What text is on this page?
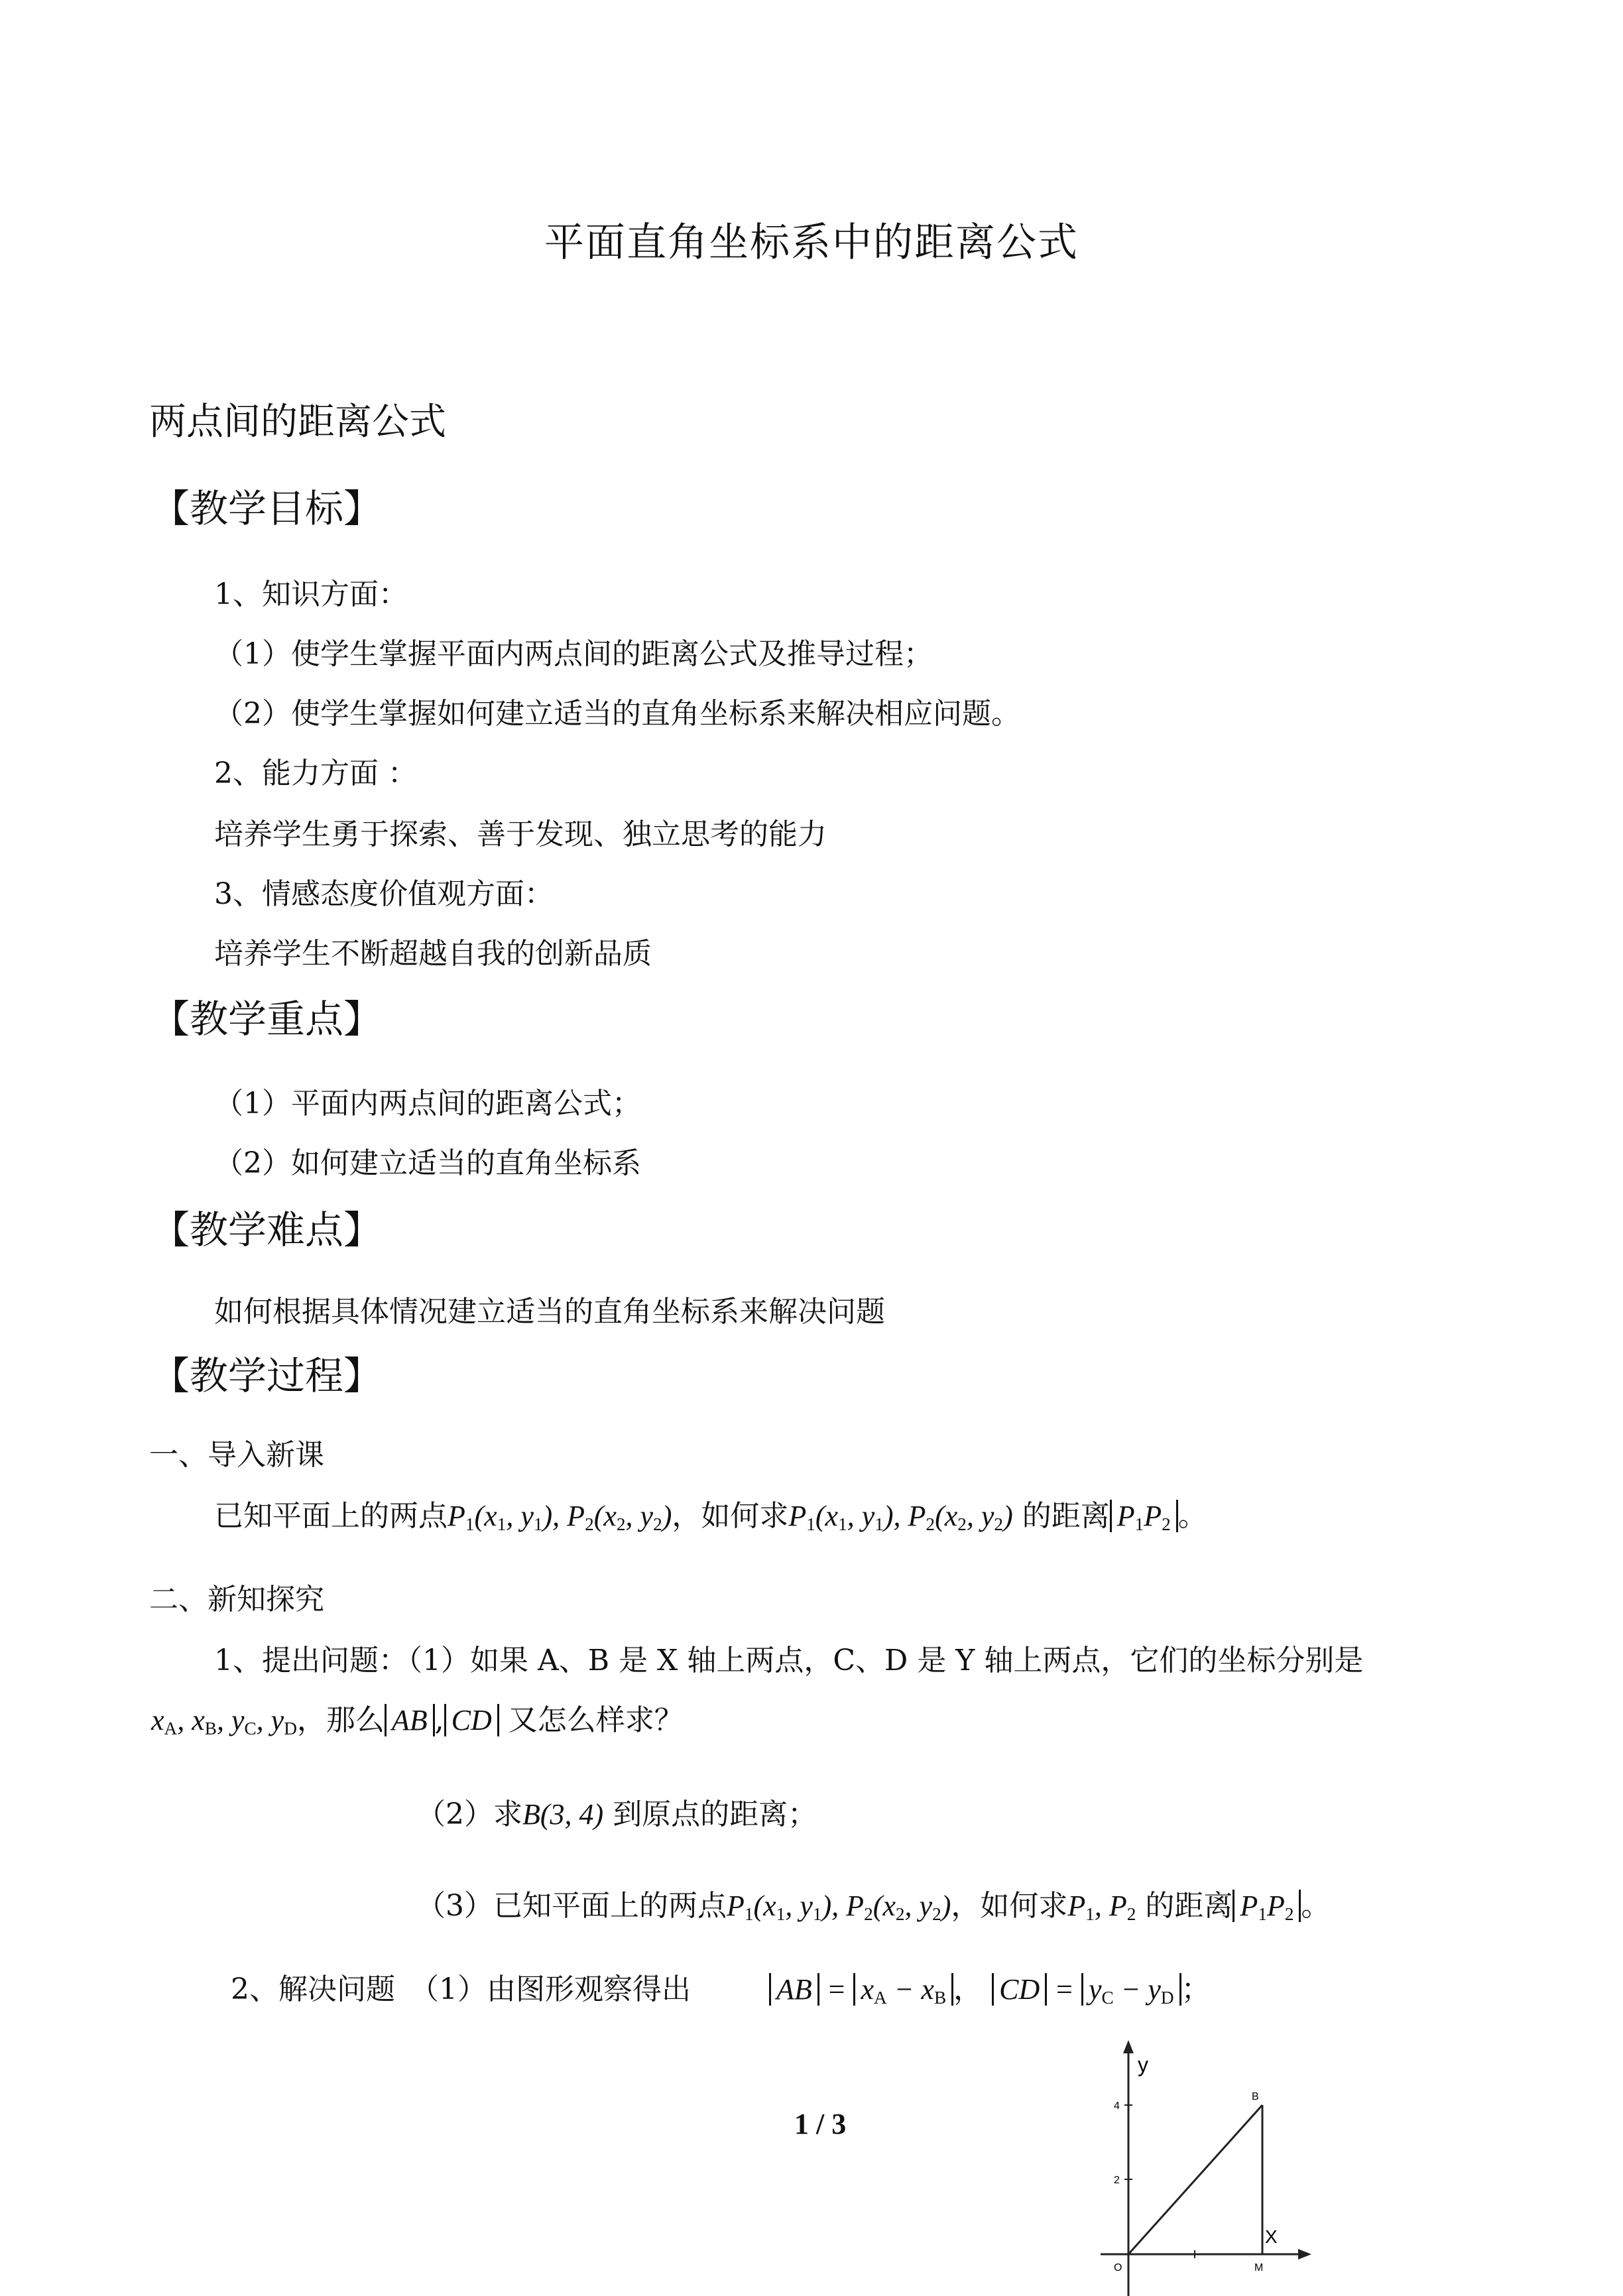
平面直角坐标系中的距离公式
两点间的距离公式
【教学目标】
1、知识方面：
（1）使学生掌握平面内两点间的距离公式及推导过程；
（2）使学生掌握如何建立适当的直角坐标系来解决相应问题。
2、能力方面 ：
培养学生勇于探索、善于发现、独立思考的能力
3、情感态度价值观方面：
培养学生不断超越自我的创新品质
【教学重点】
（1）平面内两点间的距离公式；
（2）如何建立适当的直角坐标系
【教学难点】
如何根据具体情况建立适当的直角坐标系来解决问题
【教学过程】
一、导入新课
已知平面上的两点$P_1(x_1$, $y_1$), $P_2(x_2$, $y_2$)，如何求$P_1(x_1$, $y_1$), $P_2(x_2$, $y_2$) 的距离 $P_1P_2$ 。
二、新知探究
1、提出问题：（1）如果 A、B 是 X 轴上两点，C、D 是 Y 轴上两点，它们的坐标分别是
$x_A$, $x_B$, $y_C$, $y_D$，那么 AB , CD 又怎么样求？
（2）求B(3, 4) 到原点的距离；
（3）已知平面上的两点$P_1(x_1$, $y_1$), $P_2(x_2$, $y_2$)，如何求$P_1$, $P_2$ 的距离 $P_1P_2$ 。
2、解决问题　（1）由图形观察得出	AB = $x_A - x_B$ ， CD = $y_C - y_D$ ；
1 / 3
y
X
O
B
M
4
2
